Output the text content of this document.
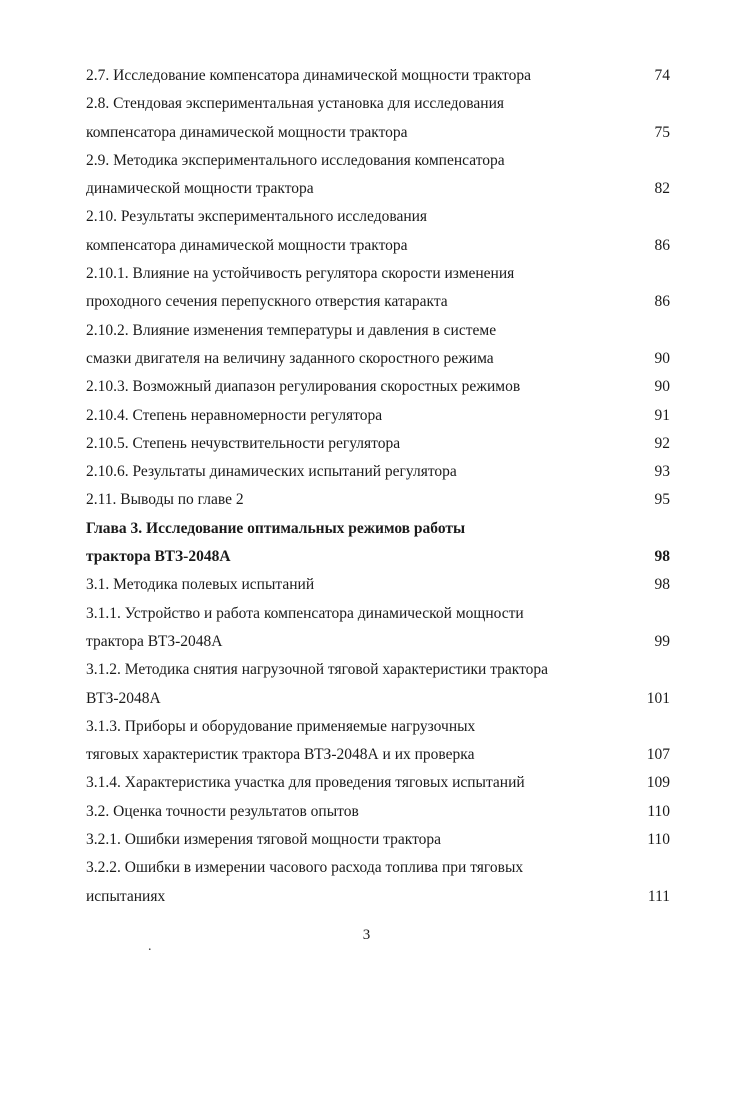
2.7. Исследование компенсатора динамической мощности трактора	74
2.8. Стендовая экспериментальная установка для исследования
компенсатора динамической мощности трактора	75
2.9. Методика экспериментального исследования компенсатора
динамической мощности трактора	82
2.10. Результаты экспериментального исследования
компенсатора динамической мощности трактора	86
2.10.1. Влияние на устойчивость регулятора скорости изменения
проходного сечения перепускного отверстия катаракта	86
2.10.2. Влияние изменения температуры и давления в системе
смазки двигателя на величину заданного скоростного режима	90
2.10.3. Возможный диапазон регулирования скоростных режимов	90
2.10.4. Степень неравномерности регулятора	91
2.10.5. Степень нечувствительности регулятора	92
2.10.6. Результаты динамических испытаний регулятора	93
2.11. Выводы по главе 2	95
Глава 3. Исследование оптимальных режимов работы
трактора ВТЗ-2048А	98
3.1. Методика полевых испытаний	98
3.1.1. Устройство и работа компенсатора динамической мощности
трактора ВТЗ-2048А	99
3.1.2. Методика снятия нагрузочной тяговой характеристики трактора
ВТЗ-2048А	101
3.1.3. Приборы и оборудование применяемые нагрузочных
тяговых характеристик трактора ВТЗ-2048А и их проверка	107
3.1.4. Характеристика участка для проведения тяговых испытаний	109
3.2. Оценка точности результатов опытов	110
3.2.1. Ошибки измерения тяговой мощности трактора	110
3.2.2. Ошибки в измерении часового расхода топлива при тяговых
испытаниях	111
3
.
